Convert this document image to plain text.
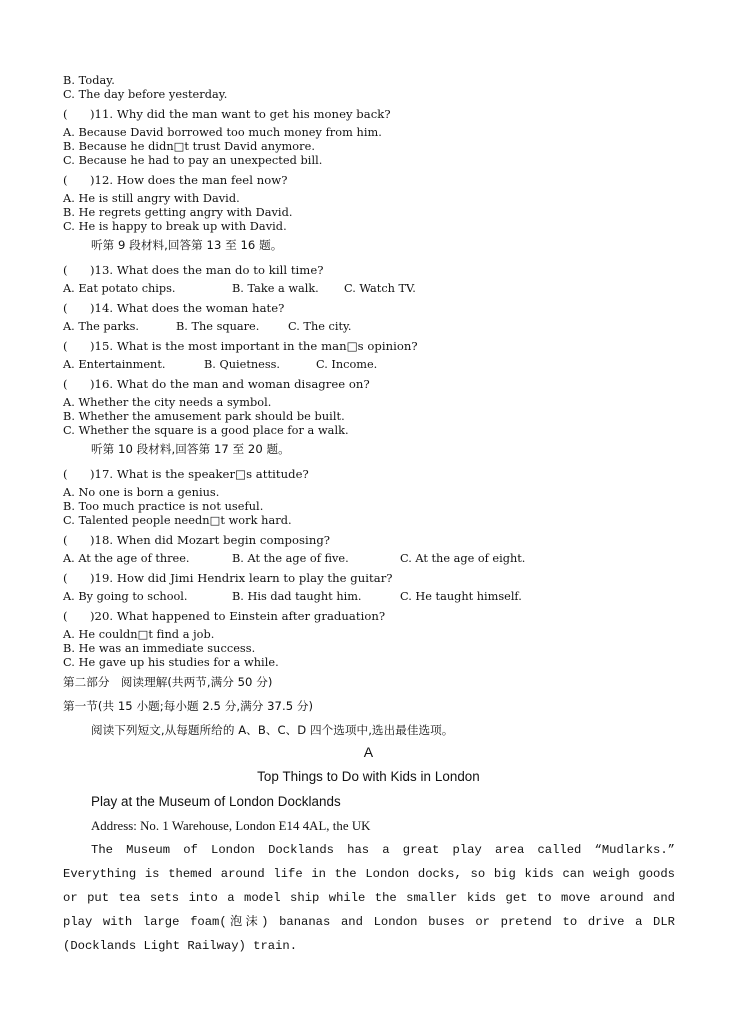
B. Today.
C. The day before yesterday.
(      )11. Why did the man want to get his money back?
A. Because David borrowed too much money from him.
B. Because he didn□t trust David anymore.
C. Because he had to pay an unexpected bill.
(      )12. How does the man feel now?
A. He is still angry with David.
B. He regrets getting angry with David.
C. He is happy to break up with David.
听第 9 段材料,回答第 13 至 16 题。
(      )13. What does the man do to kill time?
A. Eat potato chips.	B. Take a walk. C. Watch TV.
(      )14. What does the woman hate?
A. The parks.	B. The square.	C. The city.
(      )15. What is the most important in the man□s opinion?
A. Entertainment.	B. Quietness.	C. Income.
(      )16. What do the man and woman disagree on?
A. Whether the city needs a symbol.
B. Whether the amusement park should be built.
C. Whether the square is a good place for a walk.
听第 10 段材料,回答第 17 至 20 题。
(      )17. What is the speaker□s attitude?
A. No one is born a genius.
B. Too much practice is not useful.
C. Talented people needn□t work hard.
(      )18. When did Mozart begin composing?
A. At the age of three.	B. At the age of five.	C. At the age of eight.
(      )19. How did Jimi Hendrix learn to play the guitar?
A. By going to school.	B. His dad taught him.	C. He taught himself.
(      )20. What happened to Einstein after graduation?
A. He couldn□t find a job.
B. He was an immediate success.
C. He gave up his studies for a while.
第二部分   阅读理解(共两节,满分 50 分)
第一节(共 15 小题;每小题 2.5 分,满分 37.5 分)
阅读下列短文,从每题所给的 A、B、C、D 四个选项中,选出最佳选项。
A
Top Things to Do with Kids in London
Play at the Museum of London Docklands
Address: No. 1 Warehouse, London E14 4AL, the UK

The Museum of London Docklands has a great play area called “Mudlarks.” Everything is themed around life in the London docks, so big kids can weigh goods or put tea sets into a model ship while the smaller kids get to move around and play with large foam(泡沫) bananas and London buses or pretend to drive a DLR (Docklands Light Railway) train.
